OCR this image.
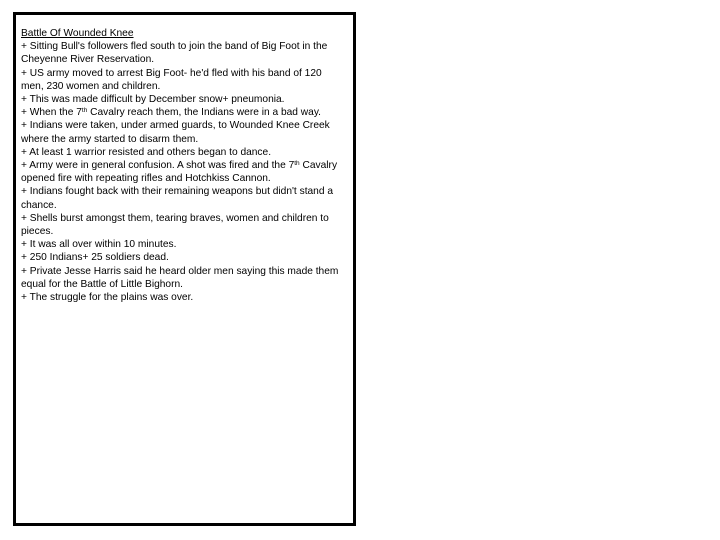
Battle Of Wounded Knee
+ Sitting Bull's followers fled south to join the band of Big Foot in the Cheyenne River Reservation.
+ US army moved to arrest Big Foot- he'd fled with his band of 120 men, 230 women and children.
+ This was made difficult by December snow+ pneumonia.
+ When the 7th Cavalry reach them, the Indians were in a bad way.
+ Indians were taken, under armed guards, to Wounded Knee Creek where the army started to disarm them.
+ At least 1 warrior resisted and others began to dance.
+ Army were in general confusion. A shot was fired and the 7th Cavalry opened fire with repeating rifles and Hotchkiss Cannon.
+ Indians fought back with their remaining weapons but didn't stand a chance.
+ Shells burst amongst them, tearing braves, women and children to pieces.
+ It was all over within 10 minutes.
+ 250 Indians+ 25 soldiers dead.
+ Private Jesse Harris said he heard older men saying this made them equal for the Battle of Little Bighorn.
+ The struggle for the plains was over.
